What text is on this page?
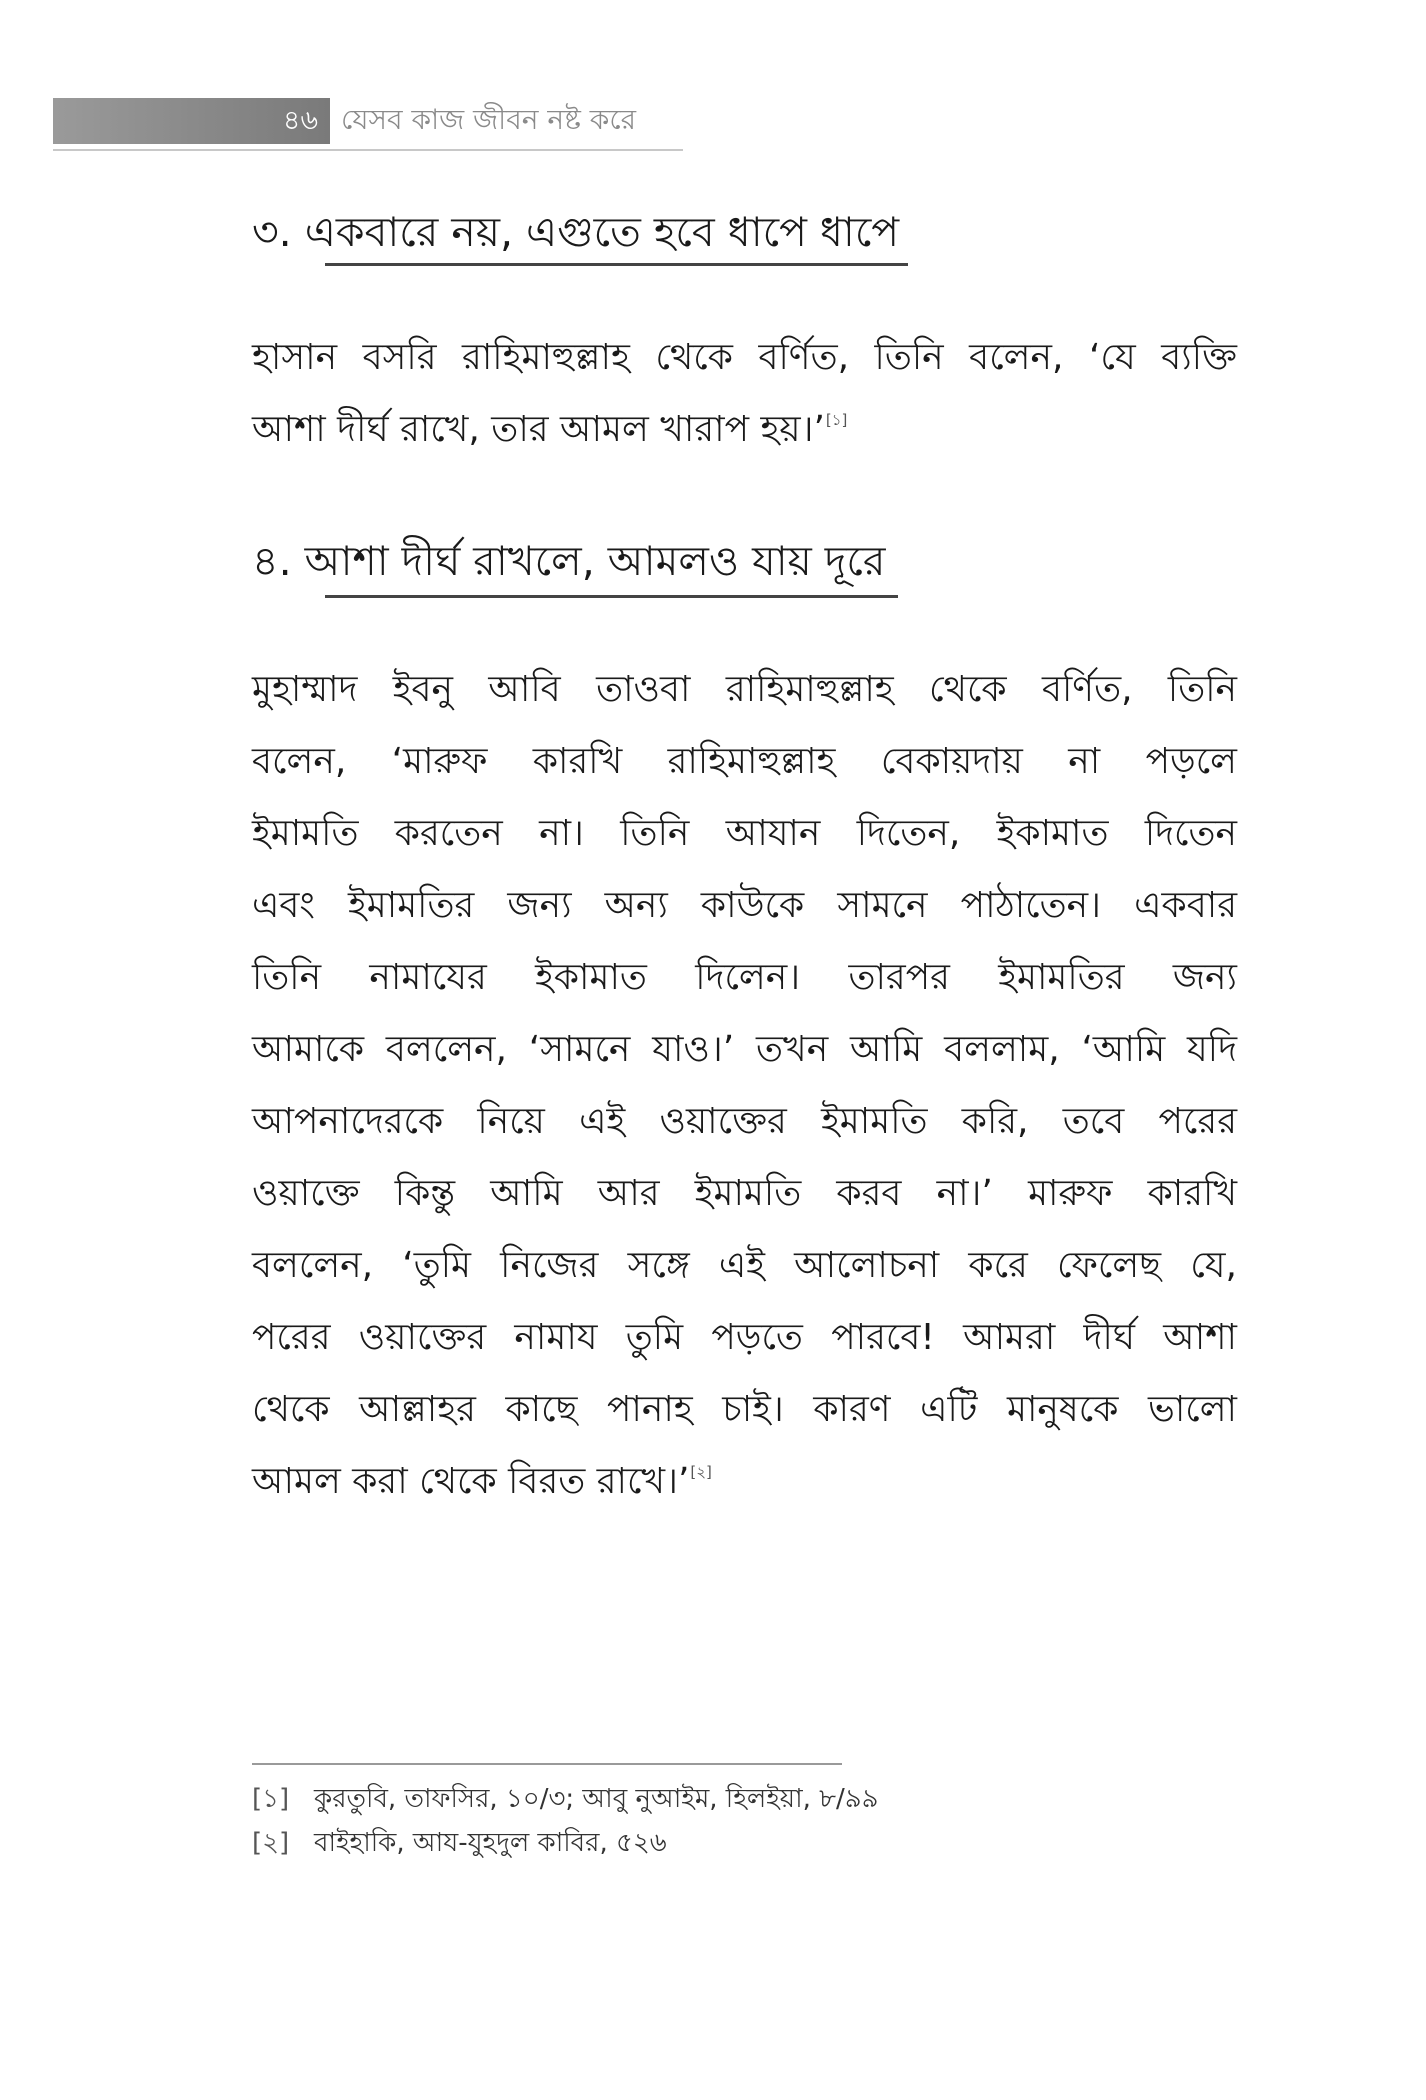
৪৬ যেসব কাজ জীবন নষ্ট করে
৩. একবারে নয়, এগুতে হবে ধাপে ধাপে
হাসান বসরি রাহিমাহুল্লাহ থেকে বর্ণিত, তিনি বলেন, ‘যে ব্যক্তি
আশা দীর্ঘ রাখে, তার আমল খারাপ হয়।’[১]
৪. আশা দীর্ঘ রাখলে, আমলও যায় দূরে
মুহাম্মাদ ইবনু আবি তাওবা রাহিমাহুল্লাহ থেকে বর্ণিত, তিনি
বলেন, ‘মারুফ কারখি রাহিমাহুল্লাহ বেকায়দায় না পড়লে
ইমামতি করতেন না। তিনি আযান দিতেন, ইকামাত দিতেন
এবং ইমামতির জন্য অন্য কাউকে সামনে পাঠাতেন। একবার
তিনি নামাযের ইকামাত দিলেন। তারপর ইমামতির জন্য
আমাকে বললেন, ‘সামনে যাও।’ তখন আমি বললাম, ‘আমি যদি
আপনাদেরকে নিয়ে এই ওয়াক্তের ইমামতি করি, তবে পরের
ওয়াক্তে কিন্তু আমি আর ইমামতি করব না।’ মারুফ কারখি
বললেন, ‘তুমি নিজের সঙ্গে এই আলোচনা করে ফেলেছ যে,
পরের ওয়াক্তের নামায তুমি পড়তে পারবে! আমরা দীর্ঘ আশা
থেকে আল্লাহর কাছে পানাহ চাই। কারণ এটি মানুষকে ভালো
আমল করা থেকে বিরত রাখে।’[২]
[১] কুরতুবি, তাফসির, ১০/৩; আবু নুআইম, হিলইয়া, ৮/৯৯
[২] বাইহাকি, আয-যুহদুল কাবির, ৫২৬
